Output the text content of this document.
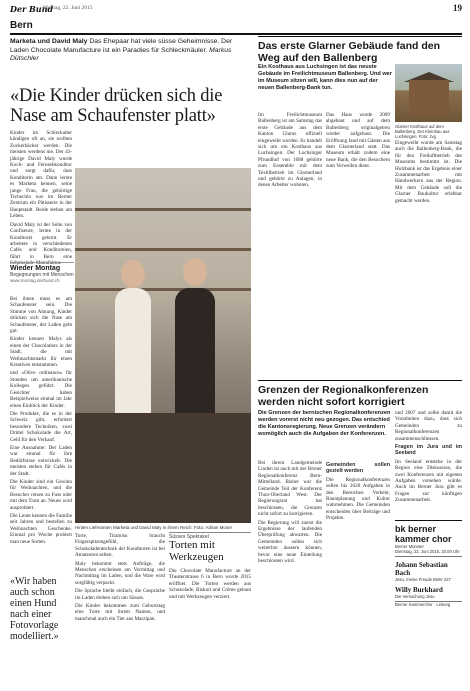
Der Bund
Montag, 22. Juni 2015	19
Bern
Marketa und David Maly Das Ehepaar hat viele süsse Geheimnisse. Der Laden Chocolate Manufacture ist ein Paradies für Schleckmäuler. Markus Dütschler
«Die Kinder drücken sich die Nase am Schaufenster platt»

Kinder im Schleckalter kündigen oft an, sie wollten Zuckerbäcker werden. Die meisten werdens nie. Der 43-jährige David Maly wurde Koch- und Fernsehkonditor und sorgt dafür, dass Konditorin am. Dann lernte es Marketa kennen, seine junge Frau, die gebürtige Tschechin war im Berner Zentrum ein Pâtisserie in der Hauptstadt. Beide stehen am Leben.

David Maly ist der Sohn von Confiseure, lernte in der Konditorei gelernt. Er arbeitete in verschiedenen Cafés und Konditoreien, führt in Bern eine Schokolade-Manufaktur.

Wieder Montag
Begegnungen mit Menschen
www.montag.derbund.ch

Bei ihnen muss es am Schaufenster sein. Die Stimme von Ahnung, Kinder drücken sich die Nase am Schaufenster, der Laden geht gut.

Kinder kennen Malys als einen der Chocolatiers in der Stadt, die mit Weihnachtsmarkt für einen Kreativen entstammen.

und «Olive ordinance» für Stunden um amerikanische Kollegen geführt. Die Gesichter haben Beispielweise einmal im Jahr einen Einblick der Kinder.

Die Produkte, die es in der Schweiz gibt, erfordert besondere Techniken, zwei Drittel Schokolade die Art, Geld für den Verkauf.

Eine Ausnahme: Der Laden war einmal für ihre Bedürfnisse entwickelt. Die meisten stehen für Cafés in der Stadt.

Die Kinder sind ein Gewinn für Weihnachten, und die Besucher reisen zu Fuss oder mit dem Tram an. Neues wird ausprobiert.

Die Leute kennen die Familie seit Jahren und bestellen zu Weihnachten Geschenke. Einmal pro Woche probiert man neue Sorten.

Hinten Lieferanten Marketa und David Maly in ihrem Reich. Foto: Adrian Moser

Torte, Tiramisu braucht Fingerspitzengefühl, die Schokoladentechnik der Konditoren ist bei Amateuren selten.

Maly bekommt stets Aufträge, die Menschen erscheinen am Vormittag und Nachmittag im Laden, und die Ware wird sorgfältig verpackt.

Die Sprache bleibt einfach, die Gespräche im Laden drehen sich um Süsses.

Die Kinder bekommen zum Geburtstag eine Torte mit ihrem Namen, und manchmal auch ein Tier aus Marzipan.

«Wir haben auch schon einen Hund nach einer Fotovorlage modelliert.»
Süsses Spektakel
Torten mit Werkzeugen

Die Chocolate Manufacture an der Theaterstrasse 6 in Bern wurde 2015 eröffnet. Die Torten werden aus Schokolade, Biskuit und Crème gebaut und mit Werkzeugen verziert.

Das erste Glarner Gebäude fand den Weg auf den Ballenberg
Ein Kosthaus aus Luchsingen ist das neuste Gebäude im Freilichtmuseum Ballenberg. Und wer im Museum sitzen will, kann dies nun auf der neuen Ballenberg-Bank tun.
Glarner Kosthaus auf dem Ballenberg. Der Kleinbau aus Luchsingen. Foto: zvg

Im Freilichtmuseum Ballenberg ist am Samstag das erste Gebäude aus dem Kanton Glarus offiziell eingeweiht worden. Es handelt sich um ein Kosthaus aus Luchsingen. Der Luchsinger Pfrundhof von 1688 gehörte zum Ensemble mit dem Textilbetrieb im Glarnerland und gehörte zu Anlagen, in denen Arbeiter wohnten.

Das Haus wurde 2009 abgebaut und auf dem Ballenberg originalgetreu wieder aufgebaut. Die Eröffnung fand mit Gästen aus dem Glarnerland statt. Das Museum erhält zudem eine neue Bank, die den Besuchern zum Verweilen dient.

Eingeweiht wurde am Samstag auch die Ballenberg-Bank, die für den Freiluftbetrieb des Museums bestimmt ist. Die Holzbank ist das Ergebnis einer Zusammenarbeit mit Handwerkern aus der Region. Mit dem Gebäude soll die Glarner Baukultur erlebbar gemacht werden.

Grenzen der Regionalkonferenzen werden nicht sofort korrigiert
Die Grenzen der bernischen Regionalkonferenzen werden vorerst nicht neu gezogen. Das entschied die Kantonsregierung. Neue Grenzen verändern womöglich auch die Aufgaben der Konferenzen.

Bei ihrem Landgemeinde Linden ist auch mit der Berner Regionalkonferenz Bern-Mittelland. Bisher war die Gemeinde Teil der Konferenz Thun-Oberland West. Der Regierungsrat hat beschlossen, die Grenzen nicht sofort zu korrigieren.

Die Regierung will zuerst die Ergebnisse der laufenden Überprüfung abwarten. Die Gemeinden sollen sich weiterhin äussern können, bevor eine neue Einteilung beschlossen wird.

Gemeinden sollen gezielt werden

Die Regionalkonferenzen sollen bis 2020 Aufgaben in den Bereichen Verkehr, Raumplanung und Kultur wahrnehmen. Die Gemeinden entscheiden über Beiträge und Projekte.

und 2007 und sollte damit die Vorarbeiten dazu, dass sich Gemeinden zu Regionalkonferenzen zusammenschliessen.

Fragen im Jura und im Seeland

Im Seeland entstehe in der Region eine Diskussion, die zwei Konferenzen mit eigenen Aufgaben vorsehen würde. Auch im Berner Jura gibt es Fragen zur künftigen Zusammenarbeit.

bk berner kammer chor
Berner Münster
Dienstag, 23. Juni 2015, 20.00 Uhr
Johann Sebastian Bach
Jesu, meine Freude BWV 227
Willy Burkhard
Die Versuchung Jesu
Berner Kammerchor · Leitung
